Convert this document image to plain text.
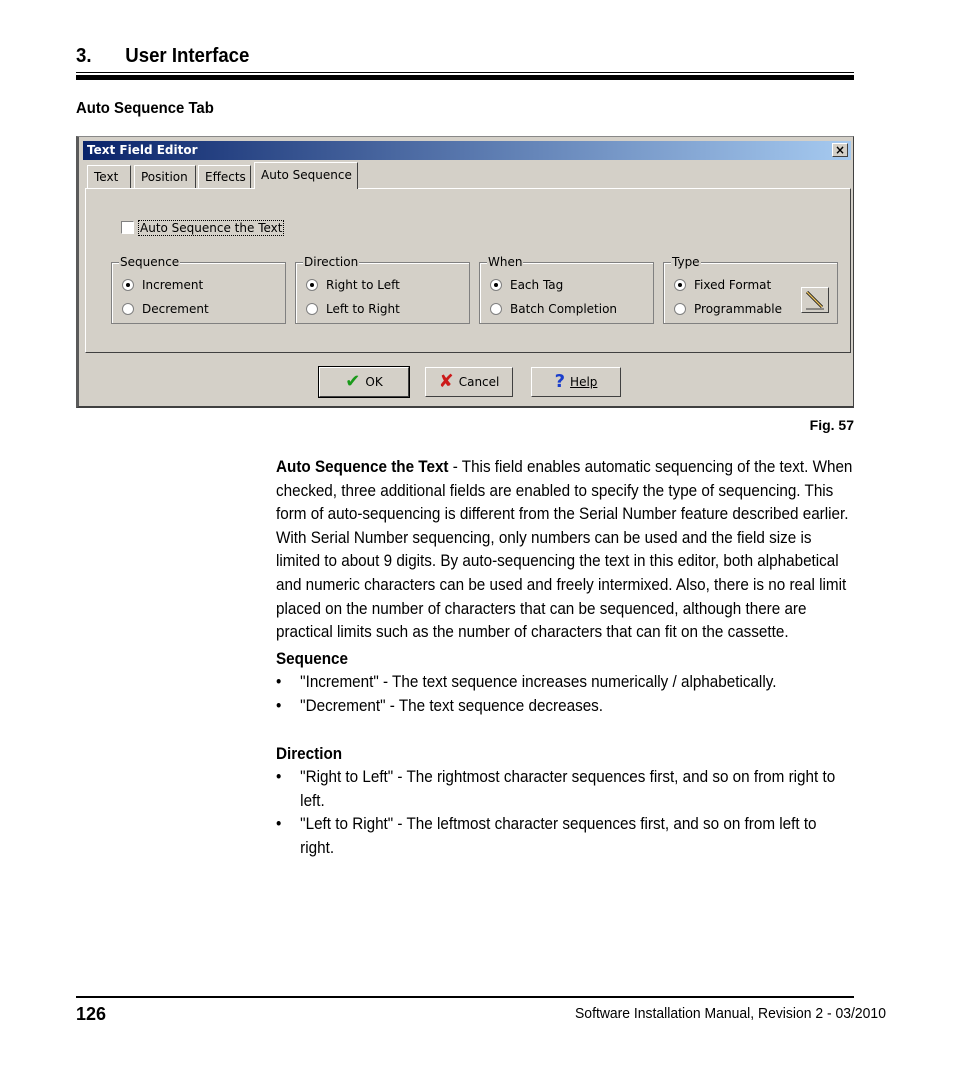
3. User Interface
Auto Sequence Tab
Text Field Editor	×
Text	Position	Effects	Auto Sequence
Auto Sequence the Text
Sequence
Increment
Decrement
Direction
Right to Left
Left to Right
When
Each Tag
Batch Completion
Type
Fixed Format
Programmable
✔ OK	✘ Cancel	? Help
Fig. 57

Auto Sequence the Text - This field enables automatic sequencing of the text. When checked, three additional fields are enabled to specify the type of sequencing. This form of auto-sequencing is different from the Serial Number feature described earlier. With Serial Number sequencing, only numbers can be used and the field size is limited to about 9 digits. By auto-sequencing the text in this editor, both alphabetical and numeric characters can be used and freely intermixed. Also, there is no real limit placed on the number of characters that can be sequenced, although there are practical limits such as the number of characters that can fit on the cassette.

Sequence

• "Increment" - The text sequence increases numerically / alphabetically.
• "Decrement" - The text sequence decreases.

Direction

• "Right to Left" - The rightmost character sequences first, and so on from right to left.
• "Left to Right" - The leftmost character sequences first, and so on from left to right.
126	Software Installation Manual, Revision 2 - 03/2010
